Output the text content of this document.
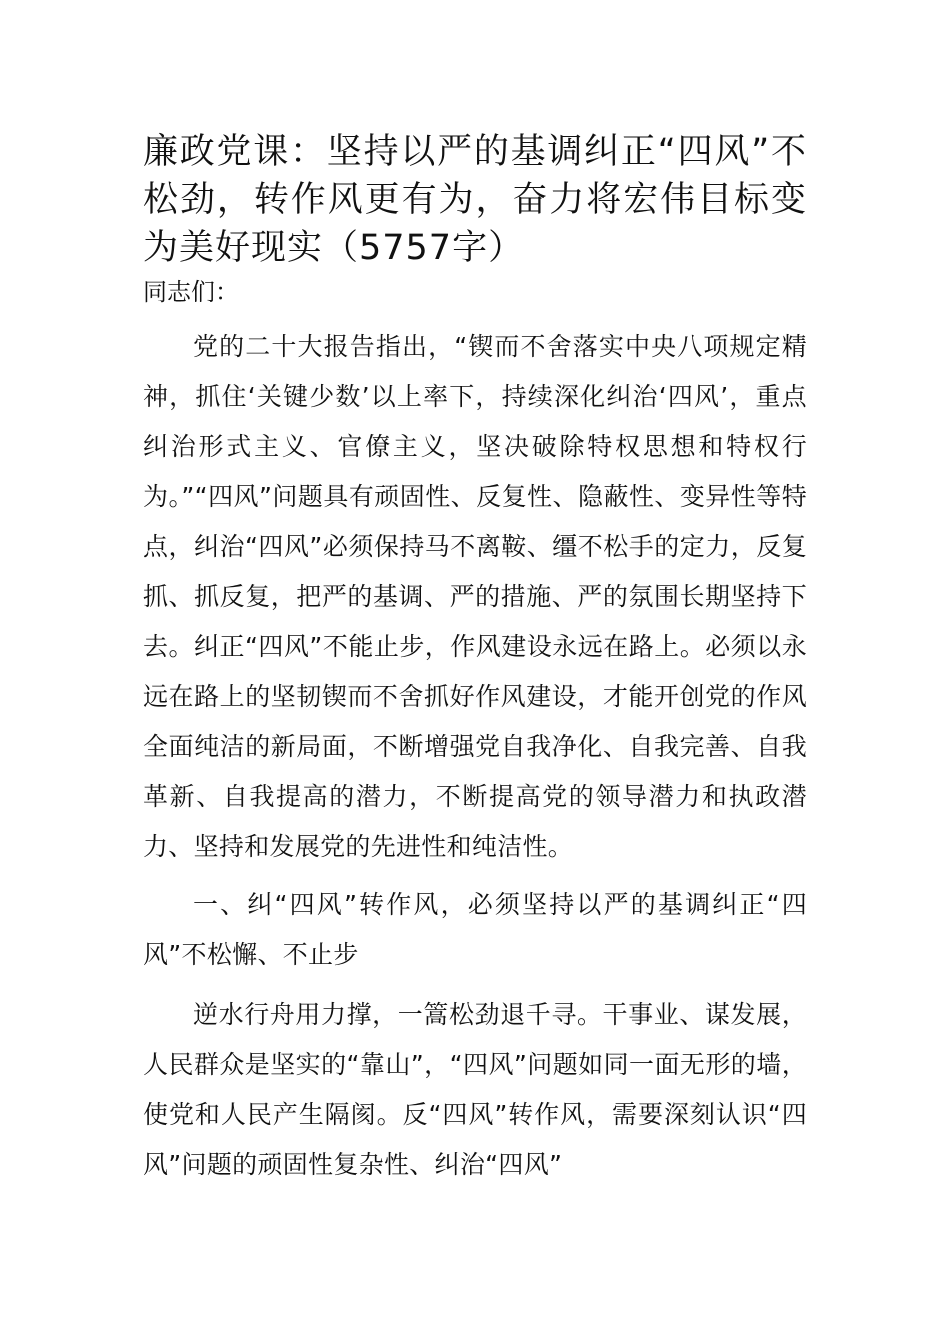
廉政党课：坚持以严的基调纠正“四风”不松劲，转作风更有为，奋力将宏伟目标变为美好现实（5757字）

同志们：

党的二十大报告指出，“锲而不舍落实中央八项规定精神，抓住‘关键少数’以上率下，持续深化纠治‘四风’，重点纠治形式主义、官僚主义，坚决破除特权思想和特权行为。”“四风”问题具有顽固性、反复性、隐蔽性、变异性等特点，纠治“四风”必须保持马不离鞍、缰不松手的定力，反复抓、抓反复，把严的基调、严的措施、严的氛围长期坚持下去。纠正“四风”不能止步，作风建设永远在路上。必须以永远在路上的坚韧锲而不舍抓好作风建设，才能开创党的作风全面纯洁的新局面，不断增强党自我净化、自我完善、自我革新、自我提高的潜力，不断提高党的领导潜力和执政潜力、坚持和发展党的先进性和纯洁性。

一、纠“四风”转作风，必须坚持以严的基调纠正“四风”不松懈、不止步

逆水行舟用力撑，一篙松劲退千寻。干事业、谋发展，人民群众是坚实的“靠山”，“四风”问题如同一面无形的墙，使党和人民产生隔阂。反“四风”转作风，需要深刻认识“四风”问题的顽固性复杂性、纠治“四风”
